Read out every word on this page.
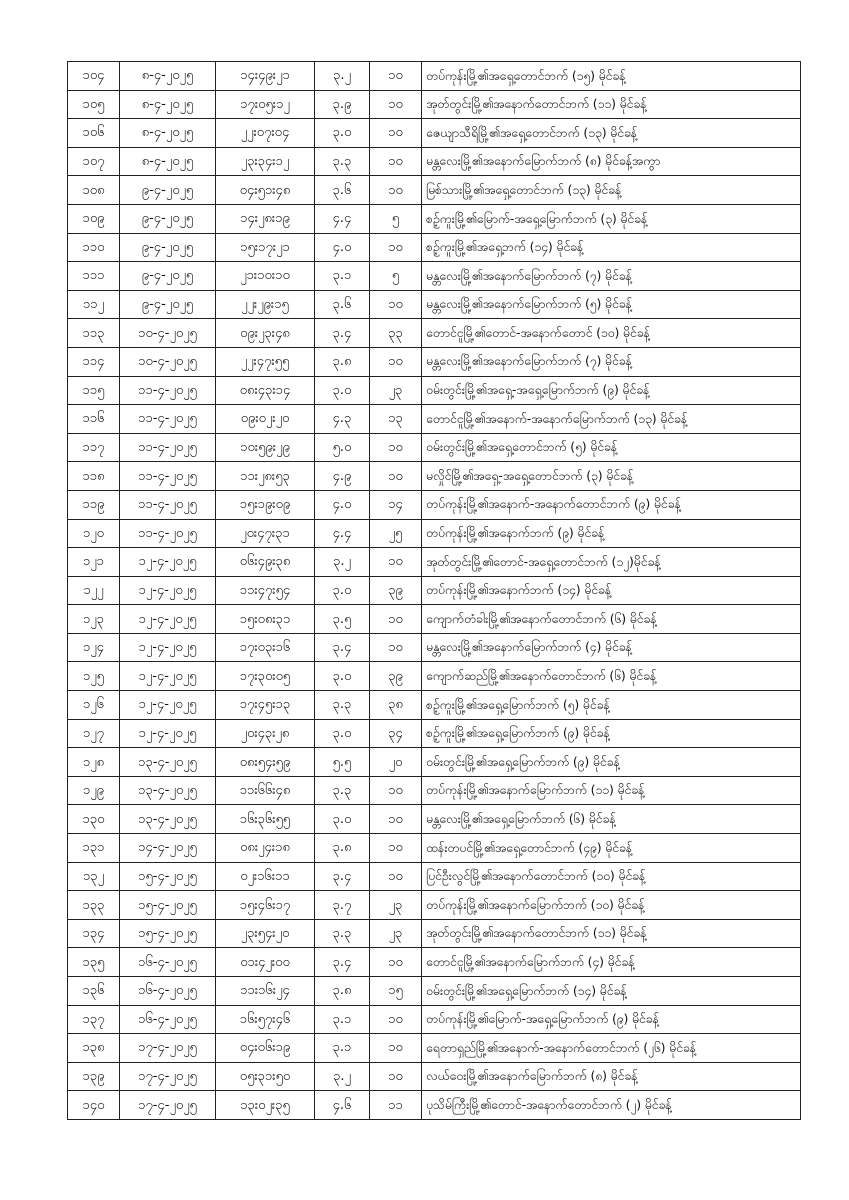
၁၀၄	၈-၄-၂၀၂၅	၁၄း၄၉း၂၁	၃.၂	၁၀	တပ်ကုန်းမြို့၏အရှေ့တောင်ဘက် (၁၅) မိုင်ခန့်
၁၀၅	၈-၄-၂၀၂၅	၁၇း၀၅း၁၂	၃.၉	၁၀	အုတ်တွင်းမြို့၏အနောက်တောင်ဘက် (၁၁) မိုင်ခန့်
၁၀၆	၈-၄-၂၀၂၅	၂၂း၀၇း၀၄	၃.၀	၁၀	ဇေယျာသီရိမြို့၏အရှေ့တောင်ဘက် (၁၃) မိုင်ခန့်
၁၀၇	၈-၄-၂၀၂၅	၂၃း၃၄း၁၂	၃.၃	၁၀	မန္တလေးမြို့၏အနောက်မြောက်ဘက် (၈) မိုင်ခန့်အကွာ
၁၀၈	၉-၄-၂၀၂၅	၀၄း၅၁း၄၈	၃.၆	၁၀	မြစ်သားမြို့၏အရှေ့တောင်ဘက် (၁၃) မိုင်ခန့်
၁၀၉	၉-၄-၂၀၂၅	၁၄း၂၈း၁၉	၄.၄	၅	စဥ့်ကူးမြို့၏မြောက်-အရှေ့မြောက်ဘက် (၃) မိုင်ခန့်
၁၁၀	၉-၄-၂၀၂၅	၁၅း၁၇း၂၁	၄.၀	၁၀	စဥ့်ကူးမြို့၏အရှေ့ဘက် (၁၄) မိုင်ခန့်
၁၁၁	၉-၄-၂၀၂၅	၂၁း၁၀း၁၀	၃.၁	၅	မန္တလေးမြို့၏အနောက်မြောက်ဘက် (၇) မိုင်ခန့်
၁၁၂	၉-၄-၂၀၂၅	၂၂း၂၉း၁၅	၃.၆	၁၀	မန္တလေးမြို့၏အနောက်မြောက်ဘက် (၅) မိုင်ခန့်
၁၁၃	၁၀-၄-၂၀၂၅	၀၉း၂၃း၄၈	၃.၄	၃၃	တောင်ငူမြို့၏တောင်-အနောက်တောင် (၁၀) မိုင်ခန့်
၁၁၄	၁၀-၄-၂၀၂၅	၂၂း၄၇း၅၅	၃.၈	၁၀	မန္တလေးမြို့၏အနောက်မြောက်ဘက် (၇) မိုင်ခန့်
၁၁၅	၁၁-၄-၂၀၂၅	၀၈း၄၃း၁၄	၃.၀	၂၃	ဝမ်းတွင်းမြို့၏အရှေ့-အရှေ့မြောက်ဘက် (၉) မိုင်ခန့်
၁၁၆	၁၁-၄-၂၀၂၅	၀၉း၀၂း၂၀	၄.၃	၁၃	တောင်ငူမြို့၏အနောက်-အနောက်မြောက်ဘက် (၁၃) မိုင်ခန့်
၁၁၇	၁၁-၄-၂၀၂၅	၁၀း၅၉း၂၉	၅.၀	၁၀	ဝမ်းတွင်းမြို့၏အရှေ့တောင်ဘက် (၅) မိုင်ခန့်
၁၁၈	၁၁-၄-၂၀၂၅	၁၁း၂၈း၅၃	၄.၉	၁၀	မလှိုင်မြို့၏အရှေ့-အရှေ့တောင်ဘက် (၃) မိုင်ခန့်
၁၁၉	၁၁-၄-၂၀၂၅	၁၅း၁၉း၀၉	၄.၀	၁၄	တပ်ကုန်းမြို့၏အနောက်-အနောက်တောင်ဘက် (၉) မိုင်ခန့်
၁၂၀	၁၁-၄-၂၀၂၅	၂၀း၄၇း၃၁	၄.၄	၂၅	တပ်ကုန်းမြို့၏အနောက်ဘက် (၉) မိုင်ခန့်
၁၂၁	၁၂-၄-၂၀၂၅	၀၆း၄၉း၃၈	၃.၂	၁၀	အုတ်တွင်းမြို့၏တောင်-အရှေ့တောင်ဘက် (၁၂)မိုင်ခန့်
၁၂၂	၁၂-၄-၂၀၂၅	၁၁း၄၇း၅၄	၃.၀	၃၉	တပ်ကုန်းမြို့၏အနောက်ဘက် (၁၄) မိုင်ခန့်
၁၂၃	၁၂-၄-၂၀၂၅	၁၅း၀၈း၃၁	၃.၅	၁၀	ကျောက်တံခါးမြို့၏အနောက်တောင်ဘက် (၆) မိုင်ခန့်
၁၂၄	၁၂-၄-၂၀၂၅	၁၇း၀၃း၁၆	၃.၄	၁၀	မန္တလေးမြို့၏အနောက်မြောက်ဘက် (၄) မိုင်ခန့်
၁၂၅	၁၂-၄-၂၀၂၅	၁၇း၃၀း၀၅	၃.၀	၃၉	ကျောက်ဆည်မြို့၏အနောက်တောင်ဘက် (၆) မိုင်ခန့်
၁၂၆	၁၂-၄-၂၀၂၅	၁၇း၄၅း၁၃	၃.၃	၃၈	စဥ့်ကူးမြို့၏အရှေ့မြောက်ဘက် (၅) မိုင်ခန့်
၁၂၇	၁၂-၄-၂၀၂၅	၂၀း၄၃း၂၈	၃.၀	၃၄	စဥ့်ကူးမြို့၏အရှေ့မြောက်ဘက် (၉) မိုင်ခန့်
၁၂၈	၁၃-၄-၂၀၂၅	၀၈း၅၄း၅၉	၅.၅	၂၀	ဝမ်းတွင်းမြို့၏အရှေ့မြောက်ဘက် (၉) မိုင်ခန့်
၁၂၉	၁၃-၄-၂၀၂၅	၁၁း၆၆း၄၈	၃.၃	၁၀	တပ်ကုန်းမြို့၏အနောက်မြောက်ဘက် (၁၁) မိုင်ခန့်
၁၃၀	၁၃-၄-၂၀၂၅	၁၆း၃၆း၅၅	၃.၀	၁၀	မန္တလေးမြို့၏အရှေ့မြောက်ဘက် (၆) မိုင်ခန့်
၁၃၁	၁၄-၄-၂၀၂၅	၀၈း၂၄း၁၈	၃.၈	၁၀	ထန်းတပင်မြို့၏အရှေ့တောင်ဘက် (၄၉) မိုင်ခန့်
၁၃၂	၁၅-၄-၂၀၂၅	၀၂း၁၆း၁၁	၃.၄	၁၀	ပြင်ဦးလွင်မြို့၏အနောက်တောင်ဘက် (၁၀) မိုင်ခန့်
၁၃၃	၁၅-၄-၂၀၂၅	၁၅း၄၆း၁၇	၃.၇	၂၃	တပ်ကုန်းမြို့၏အနောက်မြောက်ဘက် (၁၀) မိုင်ခန့်
၁၃၄	၁၅-၄-၂၀၂၅	၂၃း၅၄း၂၀	၃.၃	၂၃	အုတ်တွင်းမြို့၏အနောက်တောင်ဘက် (၁၁) မိုင်ခန့်
၁၃၅	၁၆-၄-၂၀၂၅	၀၁း၄၂း၀၀	၃.၄	၁၀	တောင်ငူမြို့၏အနောက်မြောက်ဘက် (၄) မိုင်ခန့်
၁၃၆	၁၆-၄-၂၀၂၅	၁၁း၁၆း၂၄	၃.၈	၁၅	ဝမ်းတွင်းမြို့၏အရှေ့မြောက်ဘက် (၁၄) မိုင်ခန့်
၁၃၇	၁၆-၄-၂၀၂၅	၁၆း၅၇း၄၆	၃.၁	၁၀	တပ်ကုန်းမြို့၏မြောက်-အရှေ့မြောက်ဘက် (၉) မိုင်ခန့်
၁၃၈	၁၇-၄-၂၀၂၅	၀၄း၀၆း၁၉	၃.၁	၁၀	ရေတာရှည်မြို့၏အနောက်-အနောက်တောင်ဘက် (၂၆) မိုင်ခန့်
၁၃၉	၁၇-၄-၂၀၂၅	၀၅း၃၁း၅၀	၃.၂	၁၀	လယ်ဝေးမြို့၏အနောက်မြောက်ဘက် (၈) မိုင်ခန့်
၁၄၀	၁၇-၄-၂၀၂၅	၁၃း၀၂း၃၅	၄.၆	၁၁	ပုသိမ်ကြီးမြို့၏တောင်-အနောက်တောင်ဘက် (၂) မိုင်ခန့်
